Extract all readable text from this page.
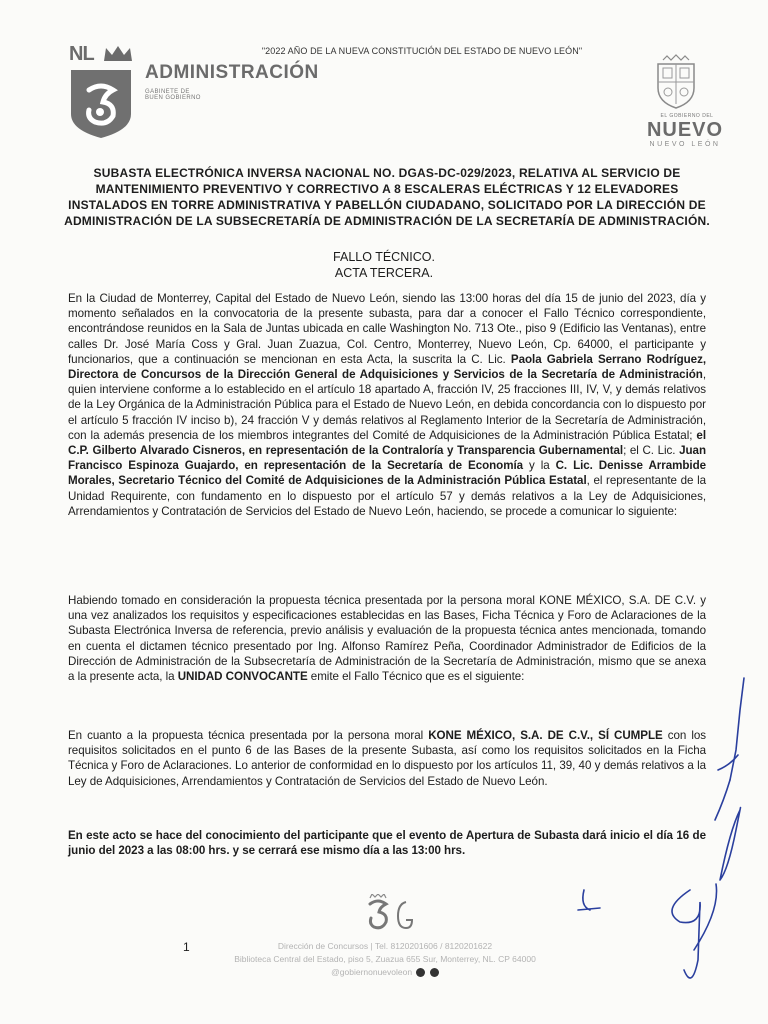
"2022 AÑO DE LA NUEVA CONSTITUCIÓN DEL ESTADO DE NUEVO LEÓN"
NL
ADMINISTRACIÓN
GABINETE DE
BUEN GOBIERNO
EL GOBIERNO DEL
NUEVO
NUEVO LEÓN
SUBASTA ELECTRÓNICA INVERSA NACIONAL NO. DGAS-DC-029/2023, RELATIVA AL SERVICIO DE MANTENIMIENTO PREVENTIVO Y CORRECTIVO A 8 ESCALERAS ELÉCTRICAS Y 12 ELEVADORES INSTALADOS EN TORRE ADMINISTRATIVA Y PABELLÓN CIUDADANO, SOLICITADO POR LA DIRECCIÓN DE ADMINISTRACIÓN DE LA SUBSECRETARÍA DE ADMINISTRACIÓN DE LA SECRETARÍA DE ADMINISTRACIÓN.
FALLO TÉCNICO.
ACTA TERCERA.
En la Ciudad de Monterrey, Capital del Estado de Nuevo León, siendo las 13:00 horas del día 15 de junio del 2023, día y momento señalados en la convocatoria de la presente subasta, para dar a conocer el Fallo Técnico correspondiente, encontrándose reunidos en la Sala de Juntas ubicada en calle Washington No. 713 Ote., piso 9 (Edificio las Ventanas), entre calles Dr. José María Coss y Gral. Juan Zuazua, Col. Centro, Monterrey, Nuevo León, Cp. 64000, el participante y funcionarios, que a continuación se mencionan en esta Acta, la suscrita la C. Lic. Paola Gabriela Serrano Rodríguez, Directora de Concursos de la Dirección General de Adquisiciones y Servicios de la Secretaría de Administración, quien interviene conforme a lo establecido en el artículo 18 apartado A, fracción IV, 25 fracciones III, IV, V, y demás relativos de la Ley Orgánica de la Administración Pública para el Estado de Nuevo León, en debida concordancia con lo dispuesto por el artículo 5 fracción IV inciso b), 24 fracción V y demás relativos al Reglamento Interior de la Secretaría de Administración, con la además presencia de los miembros integrantes del Comité de Adquisiciones de la Administración Pública Estatal; el C.P. Gilberto Alvarado Cisneros, en representación de la Contraloría y Transparencia Gubernamental; el C. Lic. Juan Francisco Espinoza Guajardo, en representación de la Secretaría de Economía y la C. Lic. Denisse Arrambide Morales, Secretario Técnico del Comité de Adquisiciones de la Administración Pública Estatal, el representante de la Unidad Requirente, con fundamento en lo dispuesto por el artículo 57 y demás relativos a la Ley de Adquisiciones, Arrendamientos y Contratación de Servicios del Estado de Nuevo León, haciendo, se procede a comunicar lo siguiente:
Habiendo tomado en consideración la propuesta técnica presentada por la persona moral KONE MÉXICO, S.A. DE C.V. y una vez analizados los requisitos y especificaciones establecidas en las Bases, Ficha Técnica y Foro de Aclaraciones de la Subasta Electrónica Inversa de referencia, previo análisis y evaluación de la propuesta técnica antes mencionada, tomando en cuenta el dictamen técnico presentado por Ing. Alfonso Ramírez Peña, Coordinador Administrador de Edificios de la Dirección de Administración de la Subsecretaría de Administración de la Secretaría de Administración, mismo que se anexa a la presente acta, la UNIDAD CONVOCANTE emite el Fallo Técnico que es el siguiente:
En cuanto a la propuesta técnica presentada por la persona moral KONE MÉXICO, S.A. DE C.V., SÍ CUMPLE con los requisitos solicitados en el punto 6 de las Bases de la presente Subasta, así como los requisitos solicitados en la Ficha Técnica y Foro de Aclaraciones. Lo anterior de conformidad en lo dispuesto por los artículos 11, 39, 40 y demás relativos a la Ley de Adquisiciones, Arrendamientos y Contratación de Servicios del Estado de Nuevo León.
En este acto se hace del conocimiento del participante que el evento de Apertura de Subasta dará inicio el día 16 de junio del 2023 a las 08:00 hrs. y se cerrará ese mismo día a las 13:00 hrs.
1	Dirección de Concursos | Tel. 8120201606 / 8120201622
Biblioteca Central del Estado, piso 5, Zuazua 655 Sur, Monterrey, NL. CP 64000
@gobiernonuevoleon
